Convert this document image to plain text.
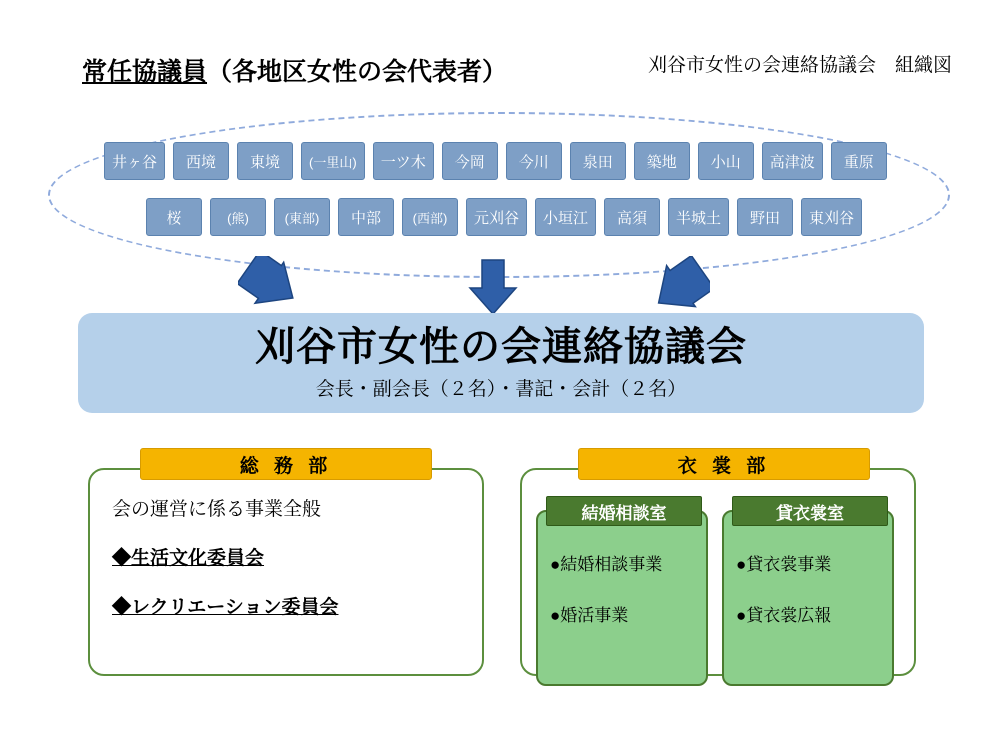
常任協議員（各地区女性の会代表者）	刈谷市女性の会連絡協議会　組織図
井ヶ谷	西境	東境	(一里山)	一ツ木	今岡	今川	泉田	築地	小山	高津波	重原
桜	(熊)	(東部)	中部	(西部)	元刈谷	小垣江	高須	半城土	野田	東刈谷
刈谷市女性の会連絡協議会
会長・副会長（２名）・書記・会計（２名）
総 務 部
会の運営に係る事業全般
◆生活文化委員会
◆レクリエーション委員会
衣 裳 部
結婚相談室
●結婚相談事業
●婚活事業
貸衣裳室
●貸衣裳事業
●貸衣裳広報
